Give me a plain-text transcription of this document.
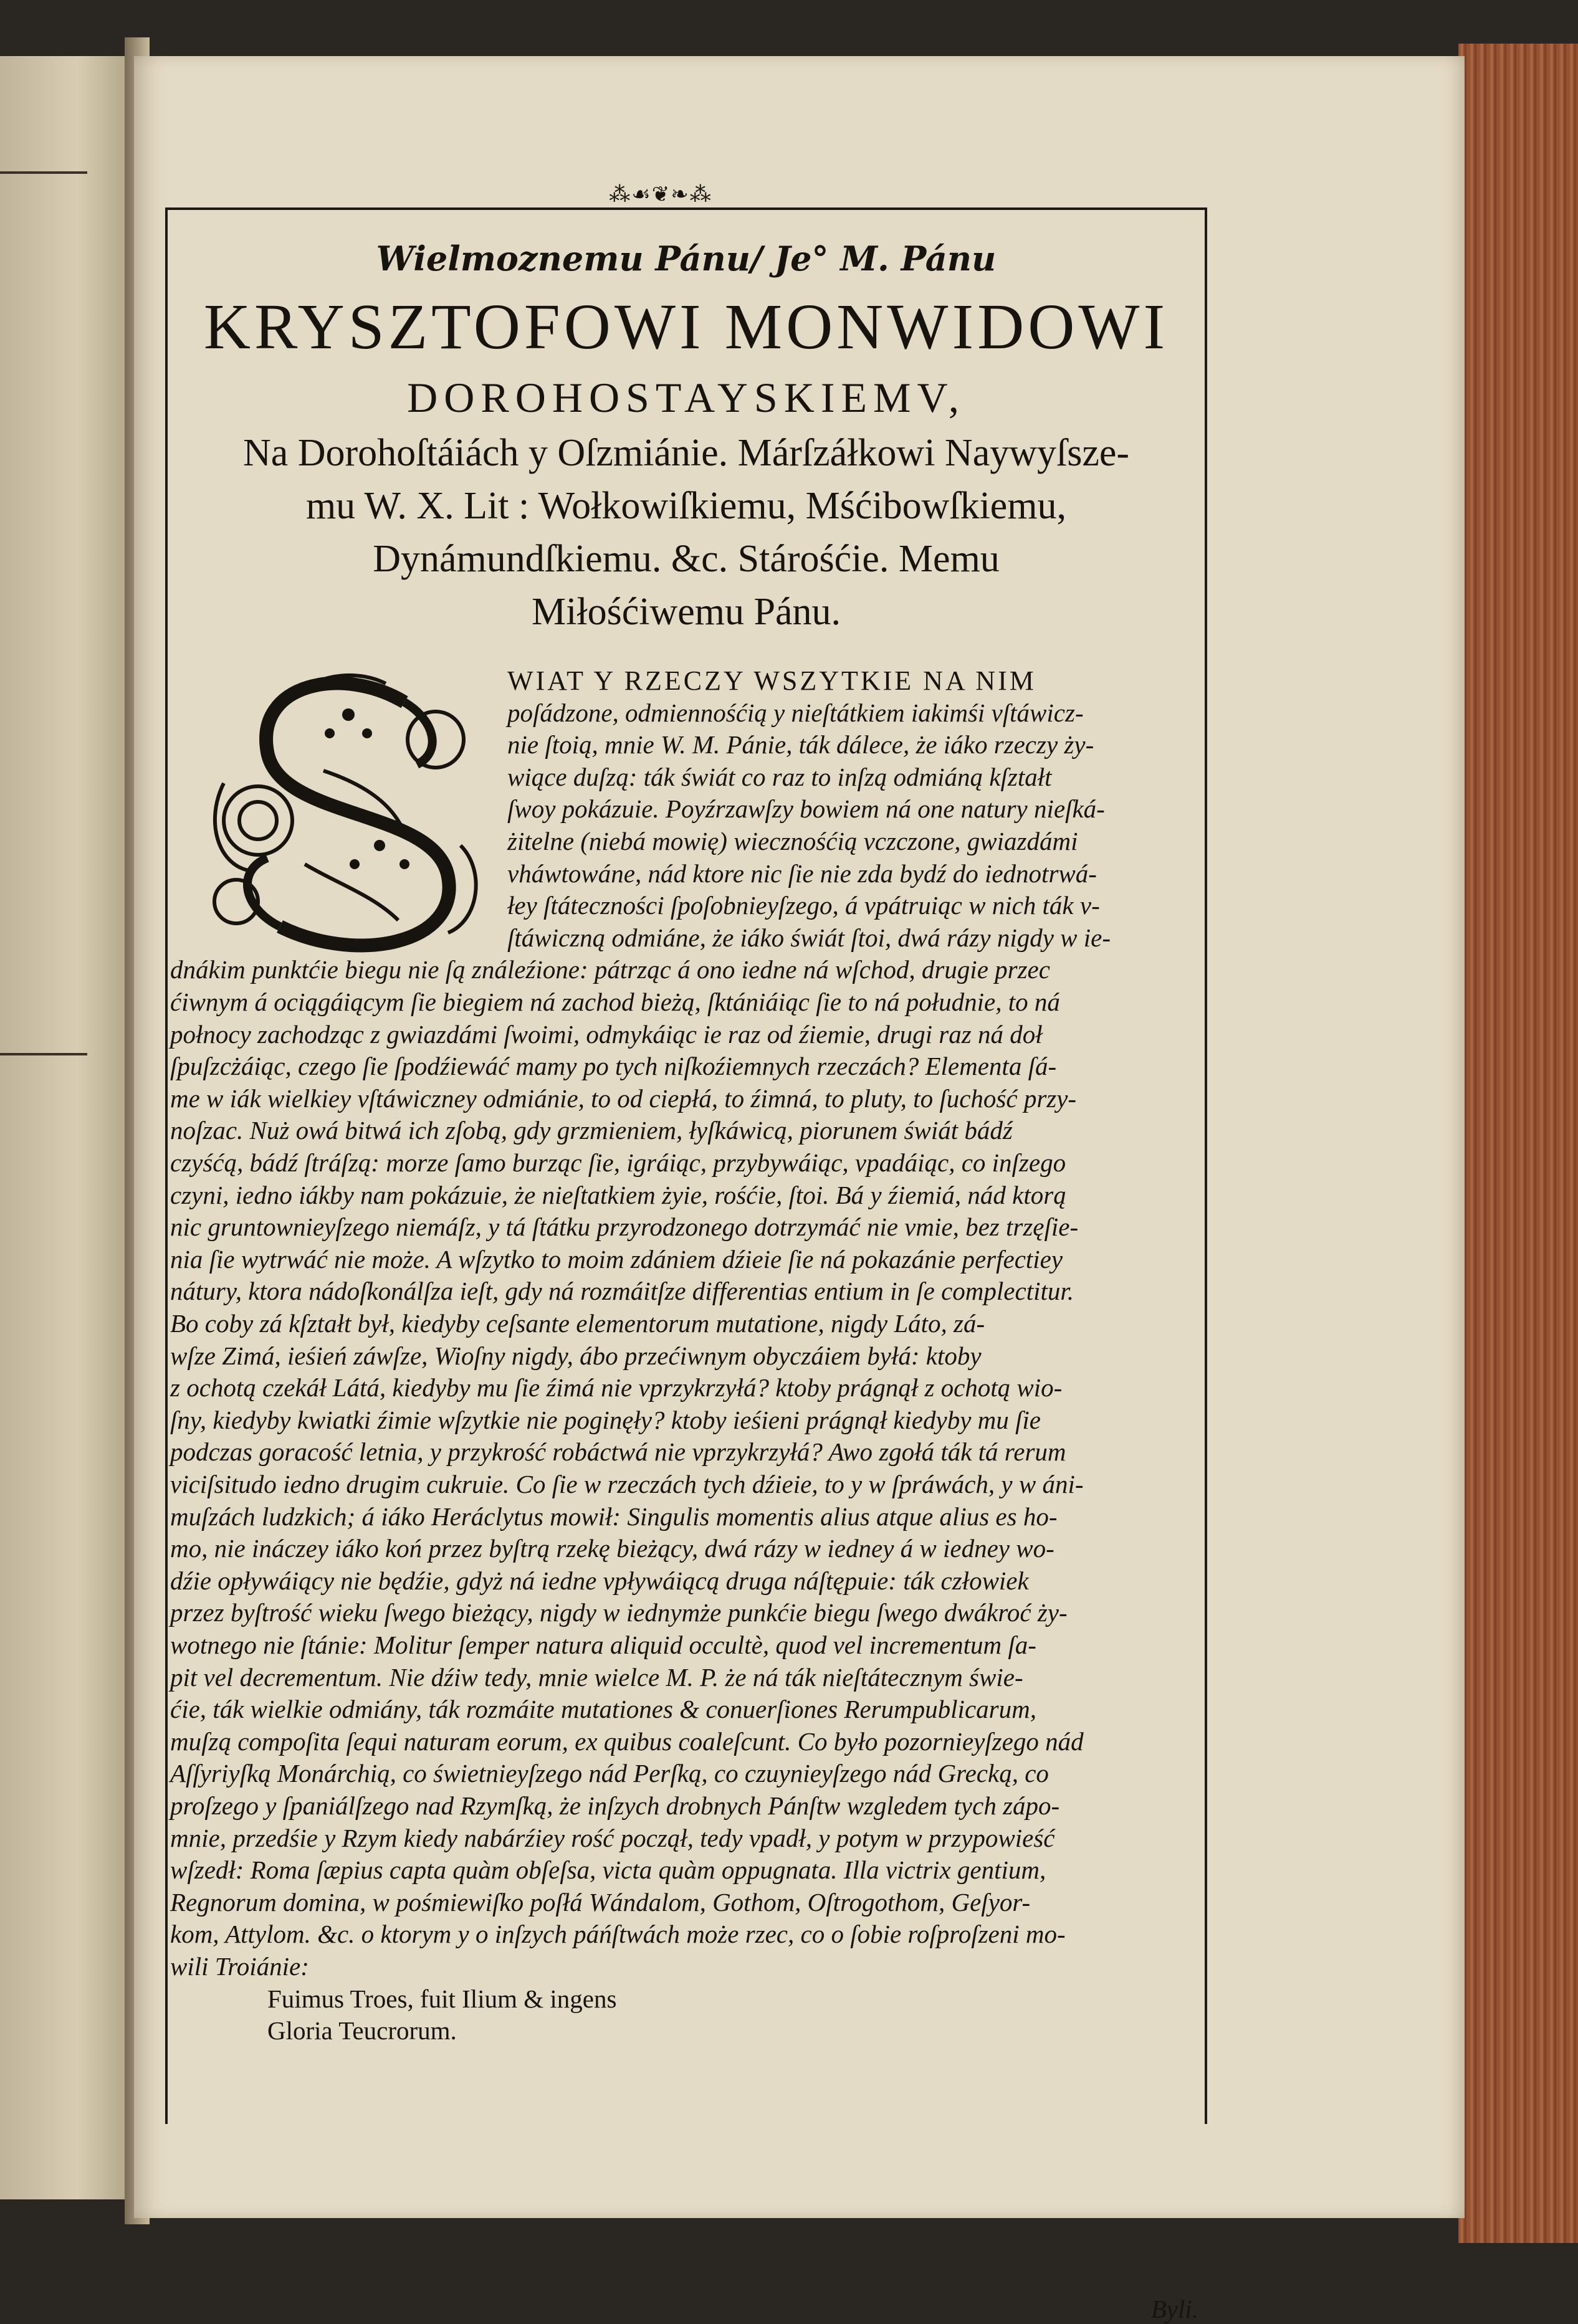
⁂☙❦❧⁂
Wielmoznemu Pánu/ Je° M. Pánu
KRYSZTOFOWI MONWIDOWI
DOROHOSTAYSKIEMV,
Na Dorohoſtáiách y Oſzmiánie. Márſzáłkowi Naywyſsze-
mu W. X. Lit : Wołkowiſkiemu, Mśćibowſkiemu,
Dynámundſkiemu. &c. Stárośćie. Memu
Miłośćiwemu Pánu.
WIAT Y RZECZY WSZYTKIE NA NIM
poſádzone, odmiennośćią y nieſtátkiem iakimśi vſtáwicz-
nie ſtoią, mnie W. M. Pánie, ták dálece, że iáko rzeczy ży-
wiące duſzą: ták świát co raz to inſzą odmiáną kſztałt
ſwoy pokázuie. Poyźrzawſzy bowiem ná one natury nieſká-
żitelne (niebá mowię) wiecznośćią vczczone, gwiazdámi
vháwtowáne, nád ktore nic ſie nie zda bydź do iednotrwá-
łey ſtáteczności ſpoſobnieyſzego, á vpátruiąc w nich ták v-
ſtáwiczną odmiáne, że iáko świát ſtoi, dwá rázy nigdy w ie-
dnákim punktćie biegu nie ſą ználeźione: pátrząc á ono iedne ná wſchod, drugie przec
ćiwnym á ociągáiącym ſie biegiem ná zachod bieżą, ſktániáiąc ſie to ná południe, to ná
połnocy zachodząc z gwiazdámi ſwoimi, odmykáiąc ie raz od źiemie, drugi raz ná doł
ſpuſzcżáiąc, czego ſie ſpodźiewáć mamy po tych niſkoźiemnych rzeczách? Elementa ſá-
me w iák wielkiey vſtáwiczney odmiánie, to od ciepłá, to źimná, to pluty, to ſuchość przy-
noſzac. Nuż owá bitwá ich zſobą, gdy grzmieniem, łyſkáwicą, piorunem świát bádź
czyśćą, bádź ſtráſzą: morze ſamo burząc ſie, igráiąc, przybywáiąc, vpadáiąc, co inſzego
czyni, iedno iákby nam pokázuie, że nieſtatkiem żyie, rośćie, ſtoi. Bá y źiemiá, nád ktorą
nic gruntownieyſzego niemáſz, y tá ſtátku przyrodzonego dotrzymáć nie vmie, bez trzęſie-
nia ſie wytrwáć nie może. A wſzytko to moim zdániem dźieie ſie ná pokazánie perfectiey
nátury, ktora nádoſkonálſza ieſt, gdy ná rozmáitſze differentias entium in ſe complectitur.
Bo coby zá kſztałt był, kiedyby ceſsante elementorum mutatione, nigdy Láto, zá-
wſze Zimá, ieśień záwſze, Wioſny nigdy, ábo przećiwnym obyczáiem byłá: ktoby
z ochotą czekáł Látá, kiedyby mu ſie źimá nie vprzykrzyłá? ktoby prágnął z ochotą wio-
ſny, kiedyby kwiatki źimie wſzytkie nie poginęły? ktoby ieśieni prágnął kiedyby mu ſie
podczas goracość letnia, y przykrość robáctwá nie vprzykrzyłá? Awo zgołá ták tá rerum
viciſsitudo iedno drugim cukruie. Co ſie w rzeczách tych dźieie, to y w ſpráwách, y w áni-
muſzách ludzkich; á iáko Heráclytus mowił: Singulis momentis alius atque alius es ho-
mo, nie ináczey iáko koń przez byſtrą rzekę bieżący, dwá rázy w iedney á w iedney wo-
dźie opływáiący nie będźie, gdyż ná iedne vpływáiącą druga náſtępuie: ták człowiek
przez byſtrość wieku ſwego bieżący, nigdy w iednymże punkćie biegu ſwego dwákroć ży-
wotnego nie ſtánie: Molitur ſemper natura aliquid occultè, quod vel incrementum ſa-
pit vel decrementum. Nie dźiw tedy, mnie wielce M. P. że ná ták nieſtátecznym świe-
ćie, ták wielkie odmiány, ták rozmáite mutationes & conuerſiones Rerumpublicarum,
muſzą compoſita ſequi naturam eorum, ex quibus coaleſcunt. Co było pozornieyſzego nád
Aſſyriyſką Monárchią, co świetnieyſzego nád Perſką, co czuynieyſzego nád Grecką, co
proſzego y ſpaniálſzego nad Rzymſką, że inſzych drobnych Pánſtw wzgledem tych zápo-
mnie, przedśie y Rzym kiedy nabárźiey rość począł, tedy vpadł, y potym w przypowieść
wſzedł: Roma ſæpius capta quàm obſeſsa, victa quàm oppugnata. Illa victrix gentium,
Regnorum domina, w pośmiewiſko poſłá Wándalom, Gothom, Oſtrogothom, Geſyor-
kom, Attylom. &c. o ktorym y o inſzych páńſtwách może rzec, co o ſobie roſproſzeni mo-
wili Troiánie:
Fuimus Troes, fuit Ilium & ingens
Gloria Teucrorum.
Byli.
